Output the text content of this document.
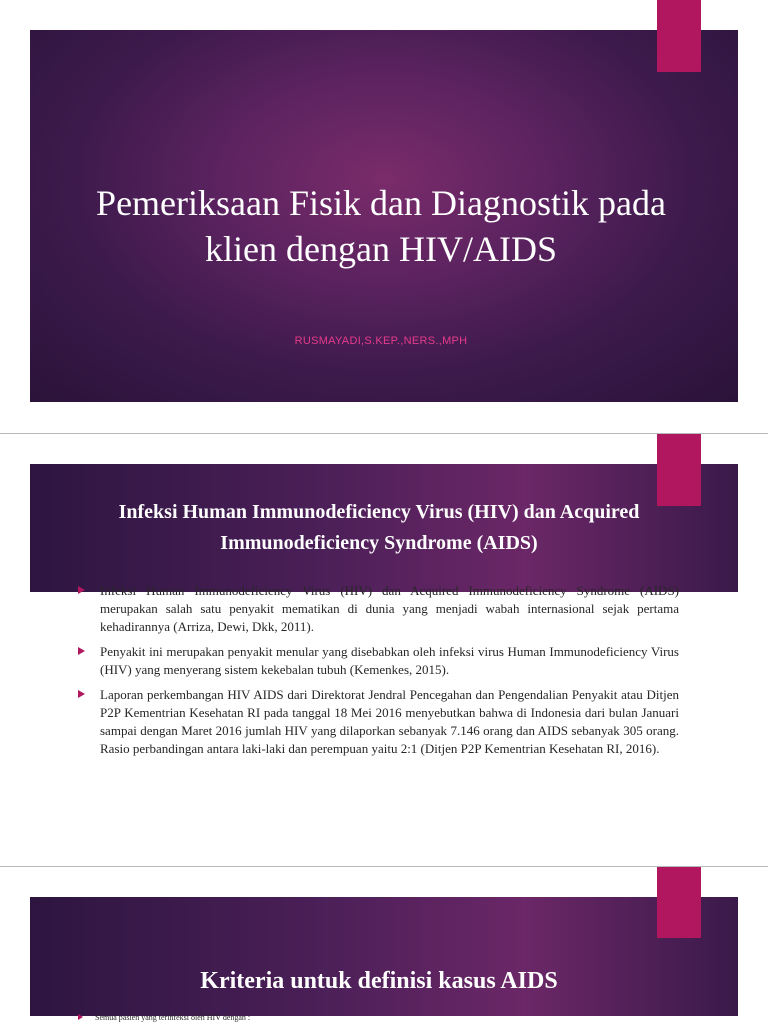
Pemeriksaan Fisik dan Diagnostik pada klien dengan HIV/AIDS
RUSMAYADI,S.KEP.,NERS.,MPH
Infeksi Human Immunodeficiency Virus (HIV) dan Acquired Immunodeficiency Syndrome (AIDS)
Infeksi Human Immunodeficiency Virus (HIV) dan Acquired Immunodeficiency Syndrome (AIDS) merupakan salah satu penyakit mematikan di dunia yang menjadi wabah internasional sejak pertama kehadirannya (Arriza, Dewi, Dkk, 2011).
Penyakit ini merupakan penyakit menular yang disebabkan oleh infeksi virus Human Immunodeficiency Virus (HIV) yang menyerang sistem kekebalan tubuh (Kemenkes, 2015).
Laporan perkembangan HIV AIDS dari Direktorat Jendral Pencegahan dan Pengendalian Penyakit atau Ditjen P2P Kementrian Kesehatan RI pada tanggal 18 Mei 2016 menyebutkan bahwa di Indonesia dari bulan Januari sampai dengan Maret 2016 jumlah HIV yang dilaporkan sebanyak 7.146 orang dan AIDS sebanyak 305 orang. Rasio perbandingan antara laki-laki dan perempuan yaitu 2:1 (Ditjen P2P Kementrian Kesehatan RI, 2016).
Kriteria untuk definisi kasus AIDS
Semua pasien yang terinfeksi oleh HIV dengan :
